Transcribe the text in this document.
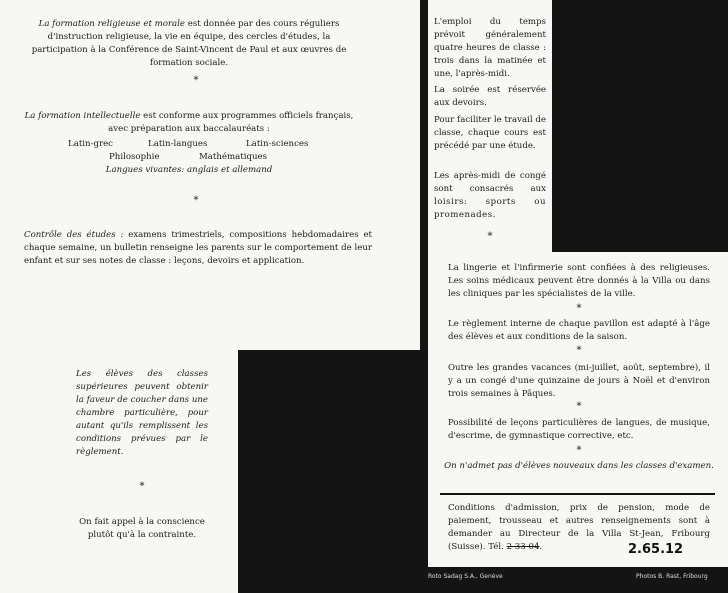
La formation religieuse et morale est donnée par des cours réguliers d'instruction religieuse, la vie en équipe, des cercles d'études, la participation à la Conférence de Saint-Vincent de Paul et aux œuvres de formation sociale.
*
La formation intellectuelle est conforme aux programmes officiels français, avec préparation aux baccalauréats :
Latin-grec	Latin-langues	Latin-sciences
Philosophie	Mathématiques
Langues vivantes: anglais et allemand
*
Contrôle des études : examens trimestriels, compositions hebdomadaires et chaque semaine, un bulletin renseigne les parents sur le comportement de leur enfant et sur ses notes de classe : leçons, devoirs et application.
Les élèves des classes supérieures peuvent obtenir la faveur de coucher dans une chambre particulière, pour autant qu'ils remplissent les conditions prévues par le règlement.
*
On fait appel à la conscience plutôt qu'à la contrainte.
L'emploi du temps prévoit généralement quatre heures de classe : trois dans la matinée et une, l'après-midi.
La soirée est réservée aux devoirs.
Pour faciliter le travail de classe, chaque cours est précédé par une étude.
Les après-midi de congé sont consacrés aux loisirs: sports ou promenades.
*
La lingerie et l'infirmerie sont confiées à des religieuses. Les soins médicaux peuvent être donnés à la Villa ou dans les cliniques par les spécialistes de la ville.
*
Le règlement interne de chaque pavillon est adapté à l'âge des élèves et aux conditions de la saison.
*
Outre les grandes vacances (mi-juillet, août, septembre), il y a un congé d'une quinzaine de jours à Noël et d'environ trois semaines à Pâques.
*
Possibilité de leçons particulières de langues, de musique, d'escrime, de gymnastique corrective, etc.
*
On n'admet pas d'élèves nouveaux dans les classes d'examen.
Conditions d'admission, prix de pension, mode de paiement, trousseau et autres renseignements sont à demander au Directeur de la Villa St-Jean, Fribourg (Suisse). Tél. 2 33 04.	2.65.12
Roto Sadag S.A., Genève	Photos B. Rast, Fribourg
